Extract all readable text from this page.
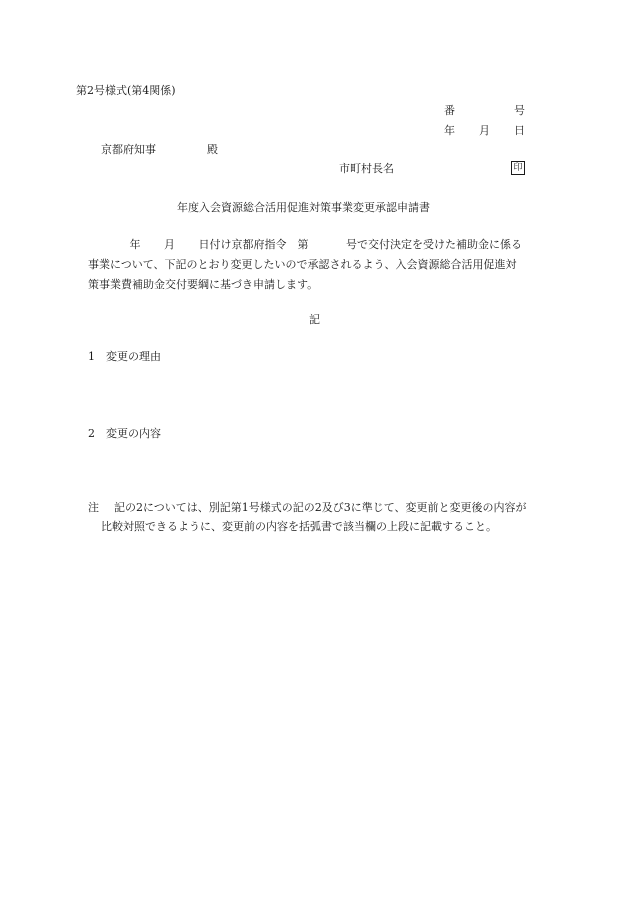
第2号様式(第4関係)
番	号
年 月 日
京都府知事	殿
市町村長名	印
年度入会資源総合活用促進対策事業変更承認申請書
年 月 日付け京都府指令　第	号で交付決定を受けた補助金に係る
事業について、下記のとおり変更したいので承認されるよう、入会資源総合活用促進対
策事業費補助金交付要綱に基づき申請します。
記
1 変更の理由
2 変更の内容
注 記の2については、別記第1号様式の記の2及び3に準じて、変更前と変更後の内容が
比較対照できるように、変更前の内容を括弧書で該当欄の上段に記載すること。
